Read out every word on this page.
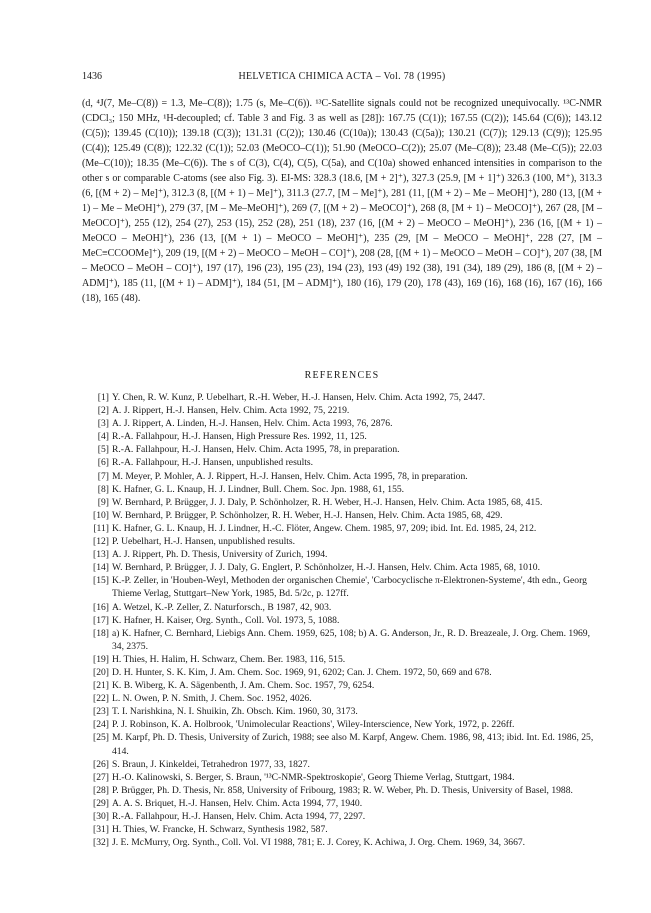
1436	HELVETICA CHIMICA ACTA – Vol. 78 (1995)

(d, ⁴J(7, Me–C(8)) = 1.3, Me–C(8)); 1.75 (s, Me–C(6)). ¹³C-Satellite signals could not be recognized unequivocally. ¹³C-NMR (CDCl₃; 150 MHz, ¹H-decoupled; cf. Table 3 and Fig. 3 as well as [28]): 167.75 (C(1)); 167.55 (C(2)); 145.64 (C(6)); 143.12 (C(5)); 139.45 (C(10)); 139.18 (C(3)); 131.31 (C(2)); 130.46 (C(10a)); 130.43 (C(5a)); 130.21 (C(7)); 129.13 (C(9)); 125.95 (C(4)); 125.49 (C(8)); 122.32 (C(1)); 52.03 (MeOCO–C(1)); 51.90 (MeOCO–C(2)); 25.07 (Me–C(8)); 23.48 (Me–C(5)); 22.03 (Me–C(10)); 18.35 (Me–C(6)). The s of C(3), C(4), C(5), C(5a), and C(10a) showed enhanced intensities in comparison to the other s or comparable C-atoms (see also Fig. 3). EI-MS: 328.3 (18.6, [M + 2]⁺), 327.3 (25.9, [M + 1]⁺) 326.3 (100, M⁺), 313.3 (6, [(M + 2) – Me]⁺), 312.3 (8, [(M + 1) – Me]⁺), 311.3 (27.7, [M – Me]⁺), 281 (11, [(M + 2) – Me – MeOH]⁺), 280 (13, [(M + 1) – Me – MeOH]⁺), 279 (37, [M – Me–MeOH]⁺), 269 (7, [(M + 2) – MeOCO]⁺), 268 (8, [M + 1) – MeOCO]⁺), 267 (28, [M – MeOCO]⁺), 255 (12), 254 (27), 253 (15), 252 (28), 251 (18), 237 (16, [(M + 2) – MeOCO – MeOH]⁺), 236 (16, [(M + 1) – MeOCO – MeOH]⁺), 236 (13, [(M + 1) – MeOCO – MeOH]⁺), 235 (29, [M – MeOCO – MeOH]⁺, 228 (27, [M – MeC≡CCOOMe]⁺), 209 (19, [(M + 2) – MeOCO – MeOH – CO]⁺), 208 (28, [(M + 1) – MeOCO – MeOH – CO]⁺), 207 (38, [M – MeOCO – MeOH – CO]⁺), 197 (17), 196 (23), 195 (23), 194 (23), 193 (49) 192 (38), 191 (34), 189 (29), 186 (8, [(M + 2) – ADM]⁺), 185 (11, [(M + 1) – ADM]⁺), 184 (51, [M – ADM]⁺), 180 (16), 179 (20), 178 (43), 169 (16), 168 (16), 167 (16), 166 (18), 165 (48).

REFERENCES
[ 1 ] Y. Chen, R. W. Kunz, P. Uebelhart, R.-H. Weber, H.-J. Hansen, Helv. Chim. Acta 1992, 75, 2447.
[ 2 ] A. J. Rippert, H.-J. Hansen, Helv. Chim. Acta 1992, 75, 2219.
[ 3 ] A. J. Rippert, A. Linden, H.-J. Hansen, Helv. Chim. Acta 1993, 76, 2876.
[ 4 ] R.-A. Fallahpour, H.-J. Hansen, High Pressure Res. 1992, 11, 125.
[ 5 ] R.-A. Fallahpour, H.-J. Hansen, Helv. Chim. Acta 1995, 78, in preparation.
[ 6 ] R.-A. Fallahpour, H.-J. Hansen, unpublished results.
[ 7 ] M. Meyer, P. Mohler, A. J. Rippert, H.-J. Hansen, Helv. Chim. Acta 1995, 78, in preparation.
[ 8 ] K. Hafner, G. L. Knaup, H. J. Lindner, Bull. Chem. Soc. Jpn. 1988, 61, 155.
[ 9 ] W. Bernhard, P. Brügger, J. J. Daly, P. Schönholzer, R. H. Weber, H.-J. Hansen, Helv. Chim. Acta 1985, 68, 415.
[ 10 ] W. Bernhard, P. Brügger, P. Schönholzer, R. H. Weber, H.-J. Hansen, Helv. Chim. Acta 1985, 68, 429.
[ 11 ] K. Hafner, G. L. Knaup, H. J. Lindner, H.-C. Flöter, Angew. Chem. 1985, 97, 209; ibid. Int. Ed. 1985, 24, 212.
[ 12 ] P. Uebelhart, H.-J. Hansen, unpublished results.
[ 13 ] A. J. Rippert, Ph. D. Thesis, University of Zurich, 1994.
[ 14 ] W. Bernhard, P. Brügger, J. J. Daly, G. Englert, P. Schönholzer, H.-J. Hansen, Helv. Chim. Acta 1985, 68, 1010.
[ 15 ] K.-P. Zeller, in 'Houben-Weyl, Methoden der organischen Chemie', 'Carbocyclische π-Elektronen-Systeme', 4th edn., Georg Thieme Verlag, Stuttgart–New York, 1985, Bd. 5/2c, p. 127ff.
[ 16 ] A. Wetzel, K.-P. Zeller, Z. Naturforsch., B 1987, 42, 903.
[ 17 ] K. Hafner, H. Kaiser, Org. Synth., Coll. Vol. 1973, 5, 1088.
[ 18 ] a) K. Hafner, C. Bernhard, Liebigs Ann. Chem. 1959, 625, 108; b) A. G. Anderson, Jr., R. D. Breazeale, J. Org. Chem. 1969, 34, 2375.
[ 19 ] H. Thies, H. Halim, H. Schwarz, Chem. Ber. 1983, 116, 515.
[ 20 ] D. H. Hunter, S. K. Kim, J. Am. Chem. Soc. 1969, 91, 6202; Can. J. Chem. 1972, 50, 669 and 678.
[ 21 ] K. B. Wiberg, K. A. Sägenbenth, J. Am. Chem. Soc. 1957, 79, 6254.
[ 22 ] L. N. Owen, P. N. Smith, J. Chem. Soc. 1952, 4026.
[ 23 ] T. I. Narishkina, N. I. Shuikin, Zh. Obsch. Kim. 1960, 30, 3173.
[ 24 ] P. J. Robinson, K. A. Holbrook, 'Unimolecular Reactions', Wiley-Interscience, New York, 1972, p. 226ff.
[ 25 ] M. Karpf, Ph. D. Thesis, University of Zurich, 1988; see also M. Karpf, Angew. Chem. 1986, 98, 413; ibid. Int. Ed. 1986, 25, 414.
[ 26 ] S. Braun, J. Kinkeldei, Tetrahedron 1977, 33, 1827.
[ 27 ] H.-O. Kalinowski, S. Berger, S. Braun, '¹³C-NMR-Spektroskopie', Georg Thieme Verlag, Stuttgart, 1984.
[ 28 ] P. Brügger, Ph. D. Thesis, Nr. 858, University of Fribourg, 1983; R. W. Weber, Ph. D. Thesis, University of Basel, 1988.
[ 29 ] A. A. S. Briquet, H.-J. Hansen, Helv. Chim. Acta 1994, 77, 1940.
[ 30 ] R.-A. Fallahpour, H.-J. Hansen, Helv. Chim. Acta 1994, 77, 2297.
[ 31 ] H. Thies, W. Francke, H. Schwarz, Synthesis 1982, 587.
[ 32 ] J. E. McMurry, Org. Synth., Coll. Vol. VI 1988, 781; E. J. Corey, K. Achiwa, J. Org. Chem. 1969, 34, 3667.
